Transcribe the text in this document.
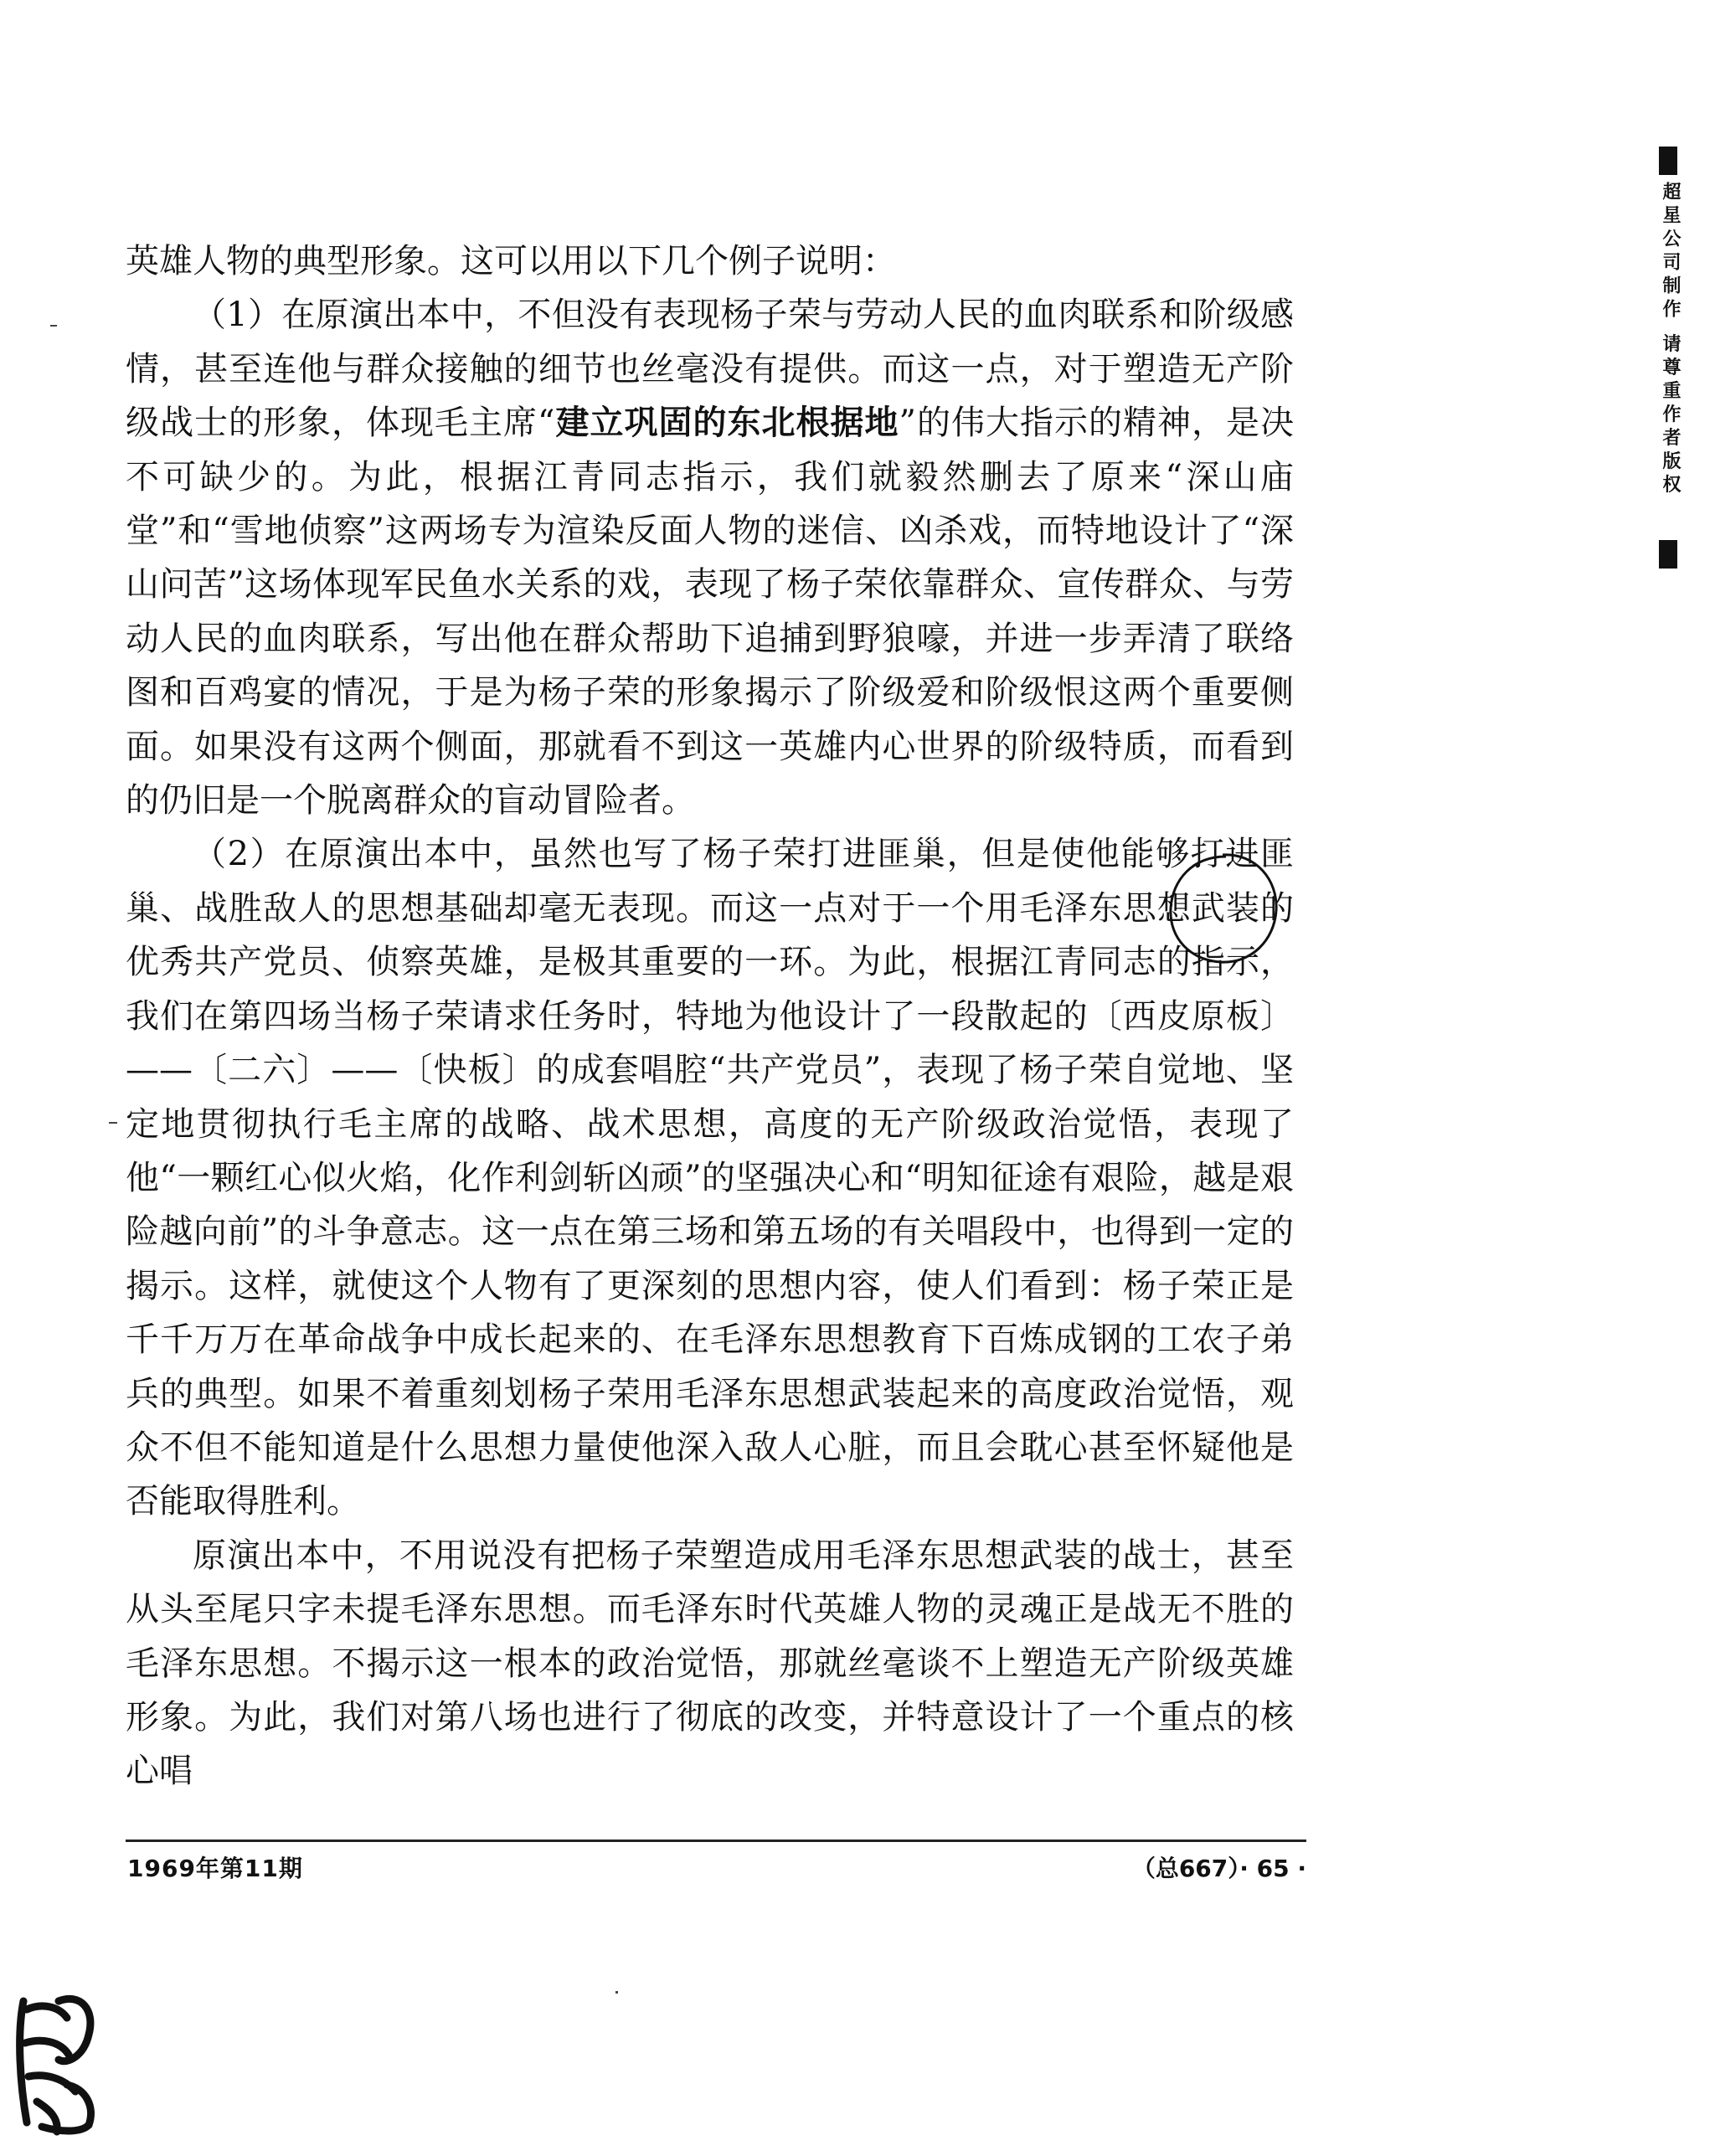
英雄人物的典型形象。这可以用以下几个例子说明：

（1）在原演出本中，不但没有表现杨子荣与劳动人民的血肉联系和阶级感情，甚至连他与群众接触的细节也丝毫没有提供。而这一点，对于塑造无产阶级战士的形象，体现毛主席“建立巩固的东北根据地”的伟大指示的精神，是决不可缺少的。为此，根据江青同志指示，我们就毅然删去了原来“深山庙堂”和“雪地侦察”这两场专为渲染反面人物的迷信、凶杀戏，而特地设计了“深山问苦”这场体现军民鱼水关系的戏，表现了杨子荣依靠群众、宣传群众、与劳动人民的血肉联系，写出他在群众帮助下追捕到野狼嚎，并进一步弄清了联络图和百鸡宴的情况，于是为杨子荣的形象揭示了阶级爱和阶级恨这两个重要侧面。如果没有这两个侧面，那就看不到这一英雄内心世界的阶级特质，而看到的仍旧是一个脱离群众的盲动冒险者。

（2）在原演出本中，虽然也写了杨子荣打进匪巢，但是使他能够打进匪巢、战胜敌人的思想基础却毫无表现。而这一点对于一个用毛泽东思想武装的优秀共产党员、侦察英雄，是极其重要的一环。为此，根据江青同志的指示，我们在第四场当杨子荣请求任务时，特地为他设计了一段散起的〔西皮原板〕——〔二六〕——〔快板〕的成套唱腔“共产党员”，表现了杨子荣自觉地、坚定地贯彻执行毛主席的战略、战术思想，高度的无产阶级政治觉悟，表现了他“一颗红心似火焰，化作利剑斩凶顽”的坚强决心和“明知征途有艰险，越是艰险越向前”的斗争意志。这一点在第三场和第五场的有关唱段中，也得到一定的揭示。这样，就使这个人物有了更深刻的思想内容，使人们看到：杨子荣正是千千万万在革命战争中成长起来的、在毛泽东思想教育下百炼成钢的工农子弟兵的典型。如果不着重刻划杨子荣用毛泽东思想武装起来的高度政治觉悟，观众不但不能知道是什么思想力量使他深入敌人心脏，而且会耽心甚至怀疑他是否能取得胜利。

原演出本中，不用说没有把杨子荣塑造成用毛泽东思想武装的战士，甚至从头至尾只字未提毛泽东思想。而毛泽东时代英雄人物的灵魂正是战无不胜的毛泽东思想。不揭示这一根本的政治觉悟，那就丝毫谈不上塑造无产阶级英雄形象。为此，我们对第八场也进行了彻底的改变，并特意设计了一个重点的核心唱

1969年第11期	（总667）· 65 ·
超星公司制作 请尊重作者版权
